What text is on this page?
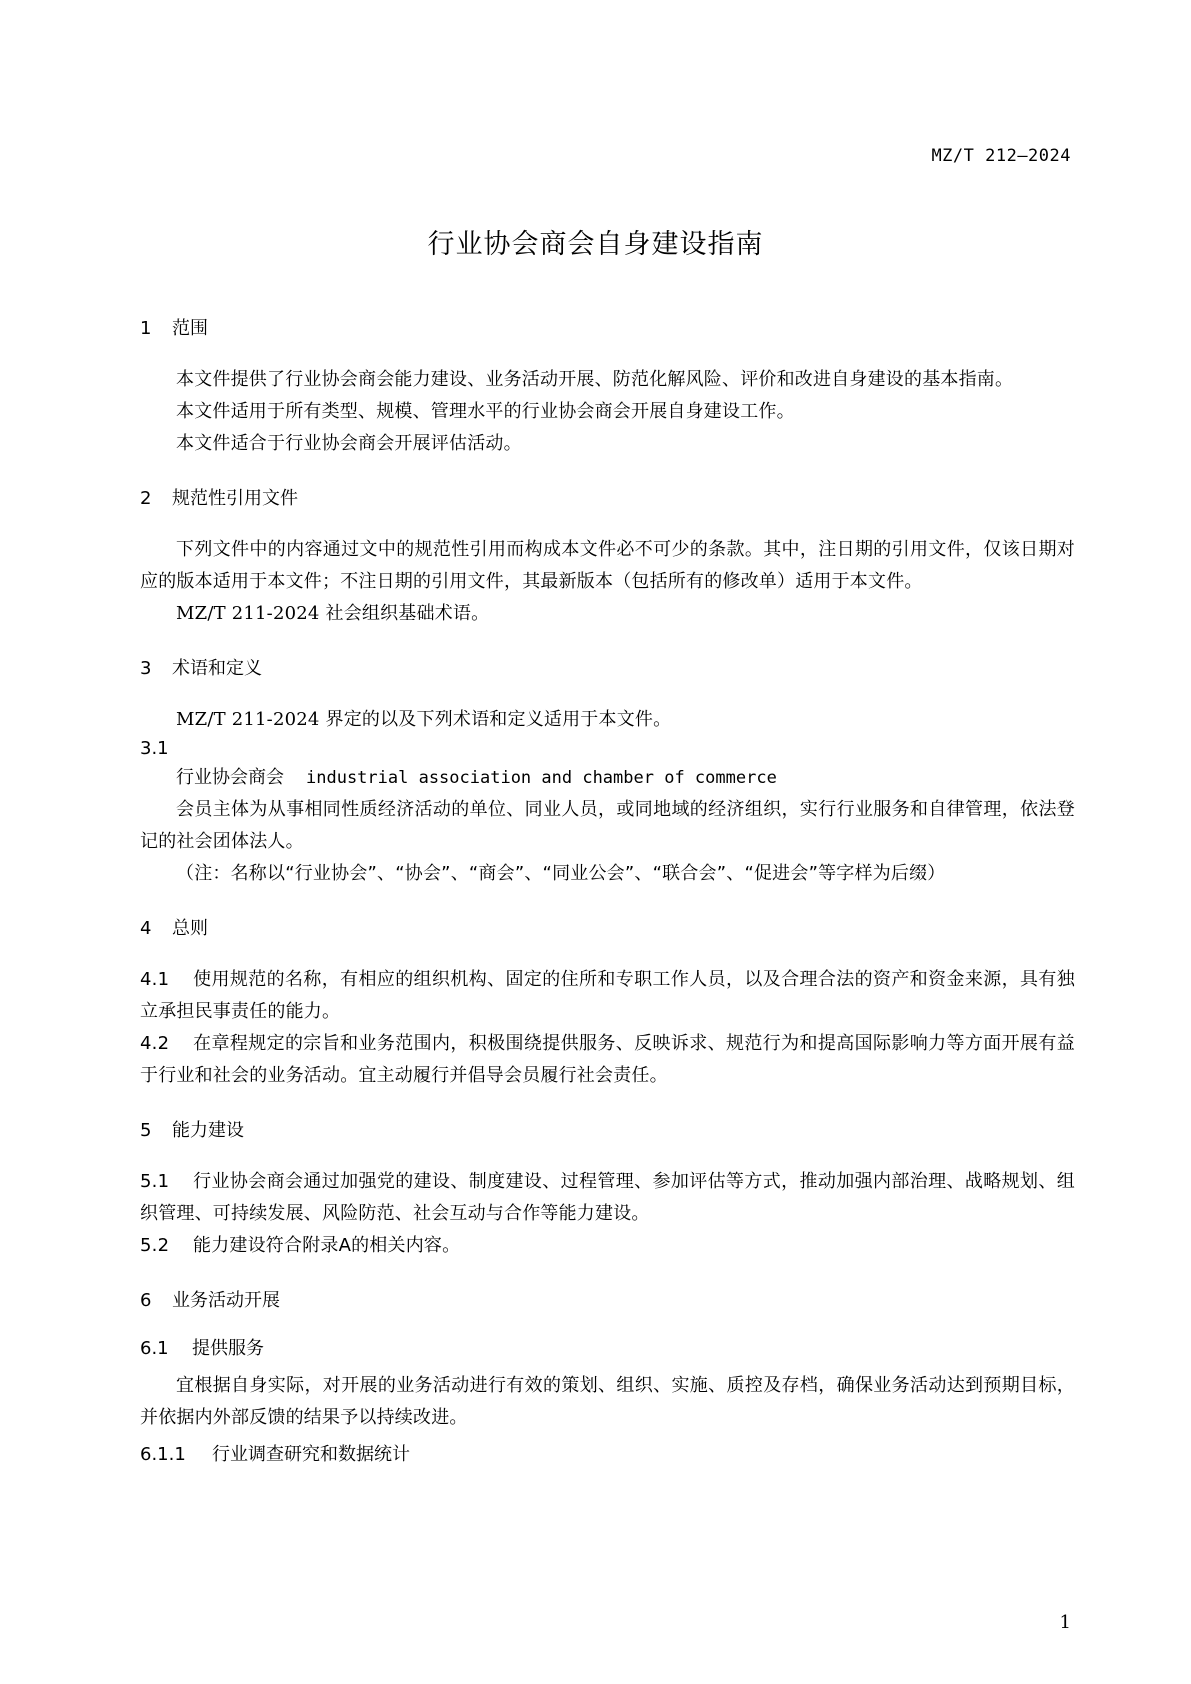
MZ/T 212—2024
行业协会商会自身建设指南
1	范围

本文件提供了行业协会商会能力建设、业务活动开展、防范化解风险、评价和改进自身建设的基本指南。

本文件适用于所有类型、规模、管理水平的行业协会商会开展自身建设工作。

本文件适合于行业协会商会开展评估活动。

2	规范性引用文件

下列文件中的内容通过文中的规范性引用而构成本文件必不可少的条款。其中，注日期的引用文件，仅该日期对应的版本适用于本文件；不注日期的引用文件，其最新版本（包括所有的修改单）适用于本文件。

MZ/T 211-2024 社会组织基础术语。

3	术语和定义

MZ/T 211-2024 界定的以及下列术语和定义适用于本文件。

3.1

行业协会商会 industrial association and chamber of commerce

会员主体为从事相同性质经济活动的单位、同业人员，或同地域的经济组织，实行行业服务和自律管理，依法登记的社会团体法人。

（注：名称以“行业协会”、“协会”、“商会”、“同业公会”、“联合会”、“促进会”等字样为后缀）

4	总则

4.1 使用规范的名称，有相应的组织机构、固定的住所和专职工作人员，以及合理合法的资产和资金来源，具有独立承担民事责任的能力。

4.2 在章程规定的宗旨和业务范围内，积极围绕提供服务、反映诉求、规范行为和提高国际影响力等方面开展有益于行业和社会的业务活动。宜主动履行并倡导会员履行社会责任。

5	能力建设

5.1 行业协会商会通过加强党的建设、制度建设、过程管理、参加评估等方式，推动加强内部治理、战略规划、组织管理、可持续发展、风险防范、社会互动与合作等能力建设。

5.2 能力建设符合附录A的相关内容。

6	业务活动开展
6.1	提供服务

宜根据自身实际，对开展的业务活动进行有效的策划、组织、实施、质控及存档，确保业务活动达到预期目标，并依据内外部反馈的结果予以持续改进。

6.1.1	行业调查研究和数据统计
1
